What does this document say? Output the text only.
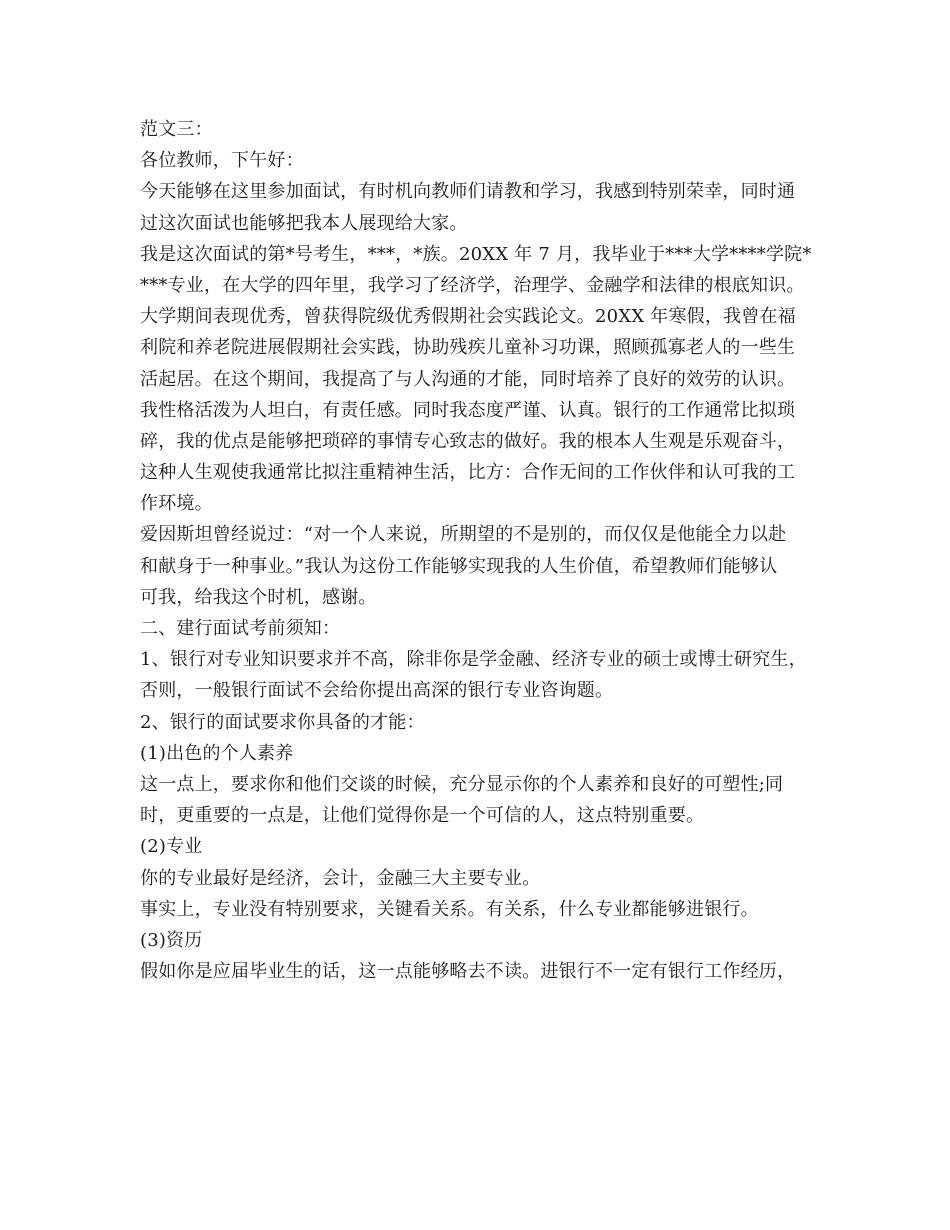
范文三：
各位教师，下午好：
今天能够在这里参加面试，有时机向教师们请教和学习，我感到特别荣幸，同时通
过这次面试也能够把我本人展现给大家。
我是这次面试的第*号考生，***，*族。20XX 年 7 月，我毕业于***大学****学院*
***专业，在大学的四年里，我学习了经济学，治理学、金融学和法律的根底知识。
大学期间表现优秀，曾获得院级优秀假期社会实践论文。20XX 年寒假，我曾在福
利院和养老院进展假期社会实践，协助残疾儿童补习功课，照顾孤寡老人的一些生
活起居。在这个期间，我提高了与人沟通的才能，同时培养了良好的效劳的认识。
我性格活泼为人坦白，有责任感。同时我态度严谨、认真。银行的工作通常比拟琐
碎，我的优点是能够把琐碎的事情专心致志的做好。我的根本人生观是乐观奋斗，
这种人生观使我通常比拟注重精神生活，比方：合作无间的工作伙伴和认可我的工
作环境。
爱因斯坦曾经说过：“对一个人来说，所期望的不是别的，而仅仅是他能全力以赴
和献身于一种事业。”我认为这份工作能够实现我的人生价值，希望教师们能够认
可我，给我这个时机，感谢。
二、建行面试考前须知：
1、银行对专业知识要求并不高，除非你是学金融、经济专业的硕士或博士研究生，
否则，一般银行面试不会给你提出高深的银行专业咨询题。
2、银行的面试要求你具备的才能：
(1)出色的个人素养
这一点上，要求你和他们交谈的时候，充分显示你的个人素养和良好的可塑性;同
时，更重要的一点是，让他们觉得你是一个可信的人，这点特别重要。
(2)专业
你的专业最好是经济，会计，金融三大主要专业。
事实上，专业没有特别要求，关键看关系。有关系，什么专业都能够进银行。
(3)资历
假如你是应届毕业生的话，这一点能够略去不读。进银行不一定有银行工作经历，
